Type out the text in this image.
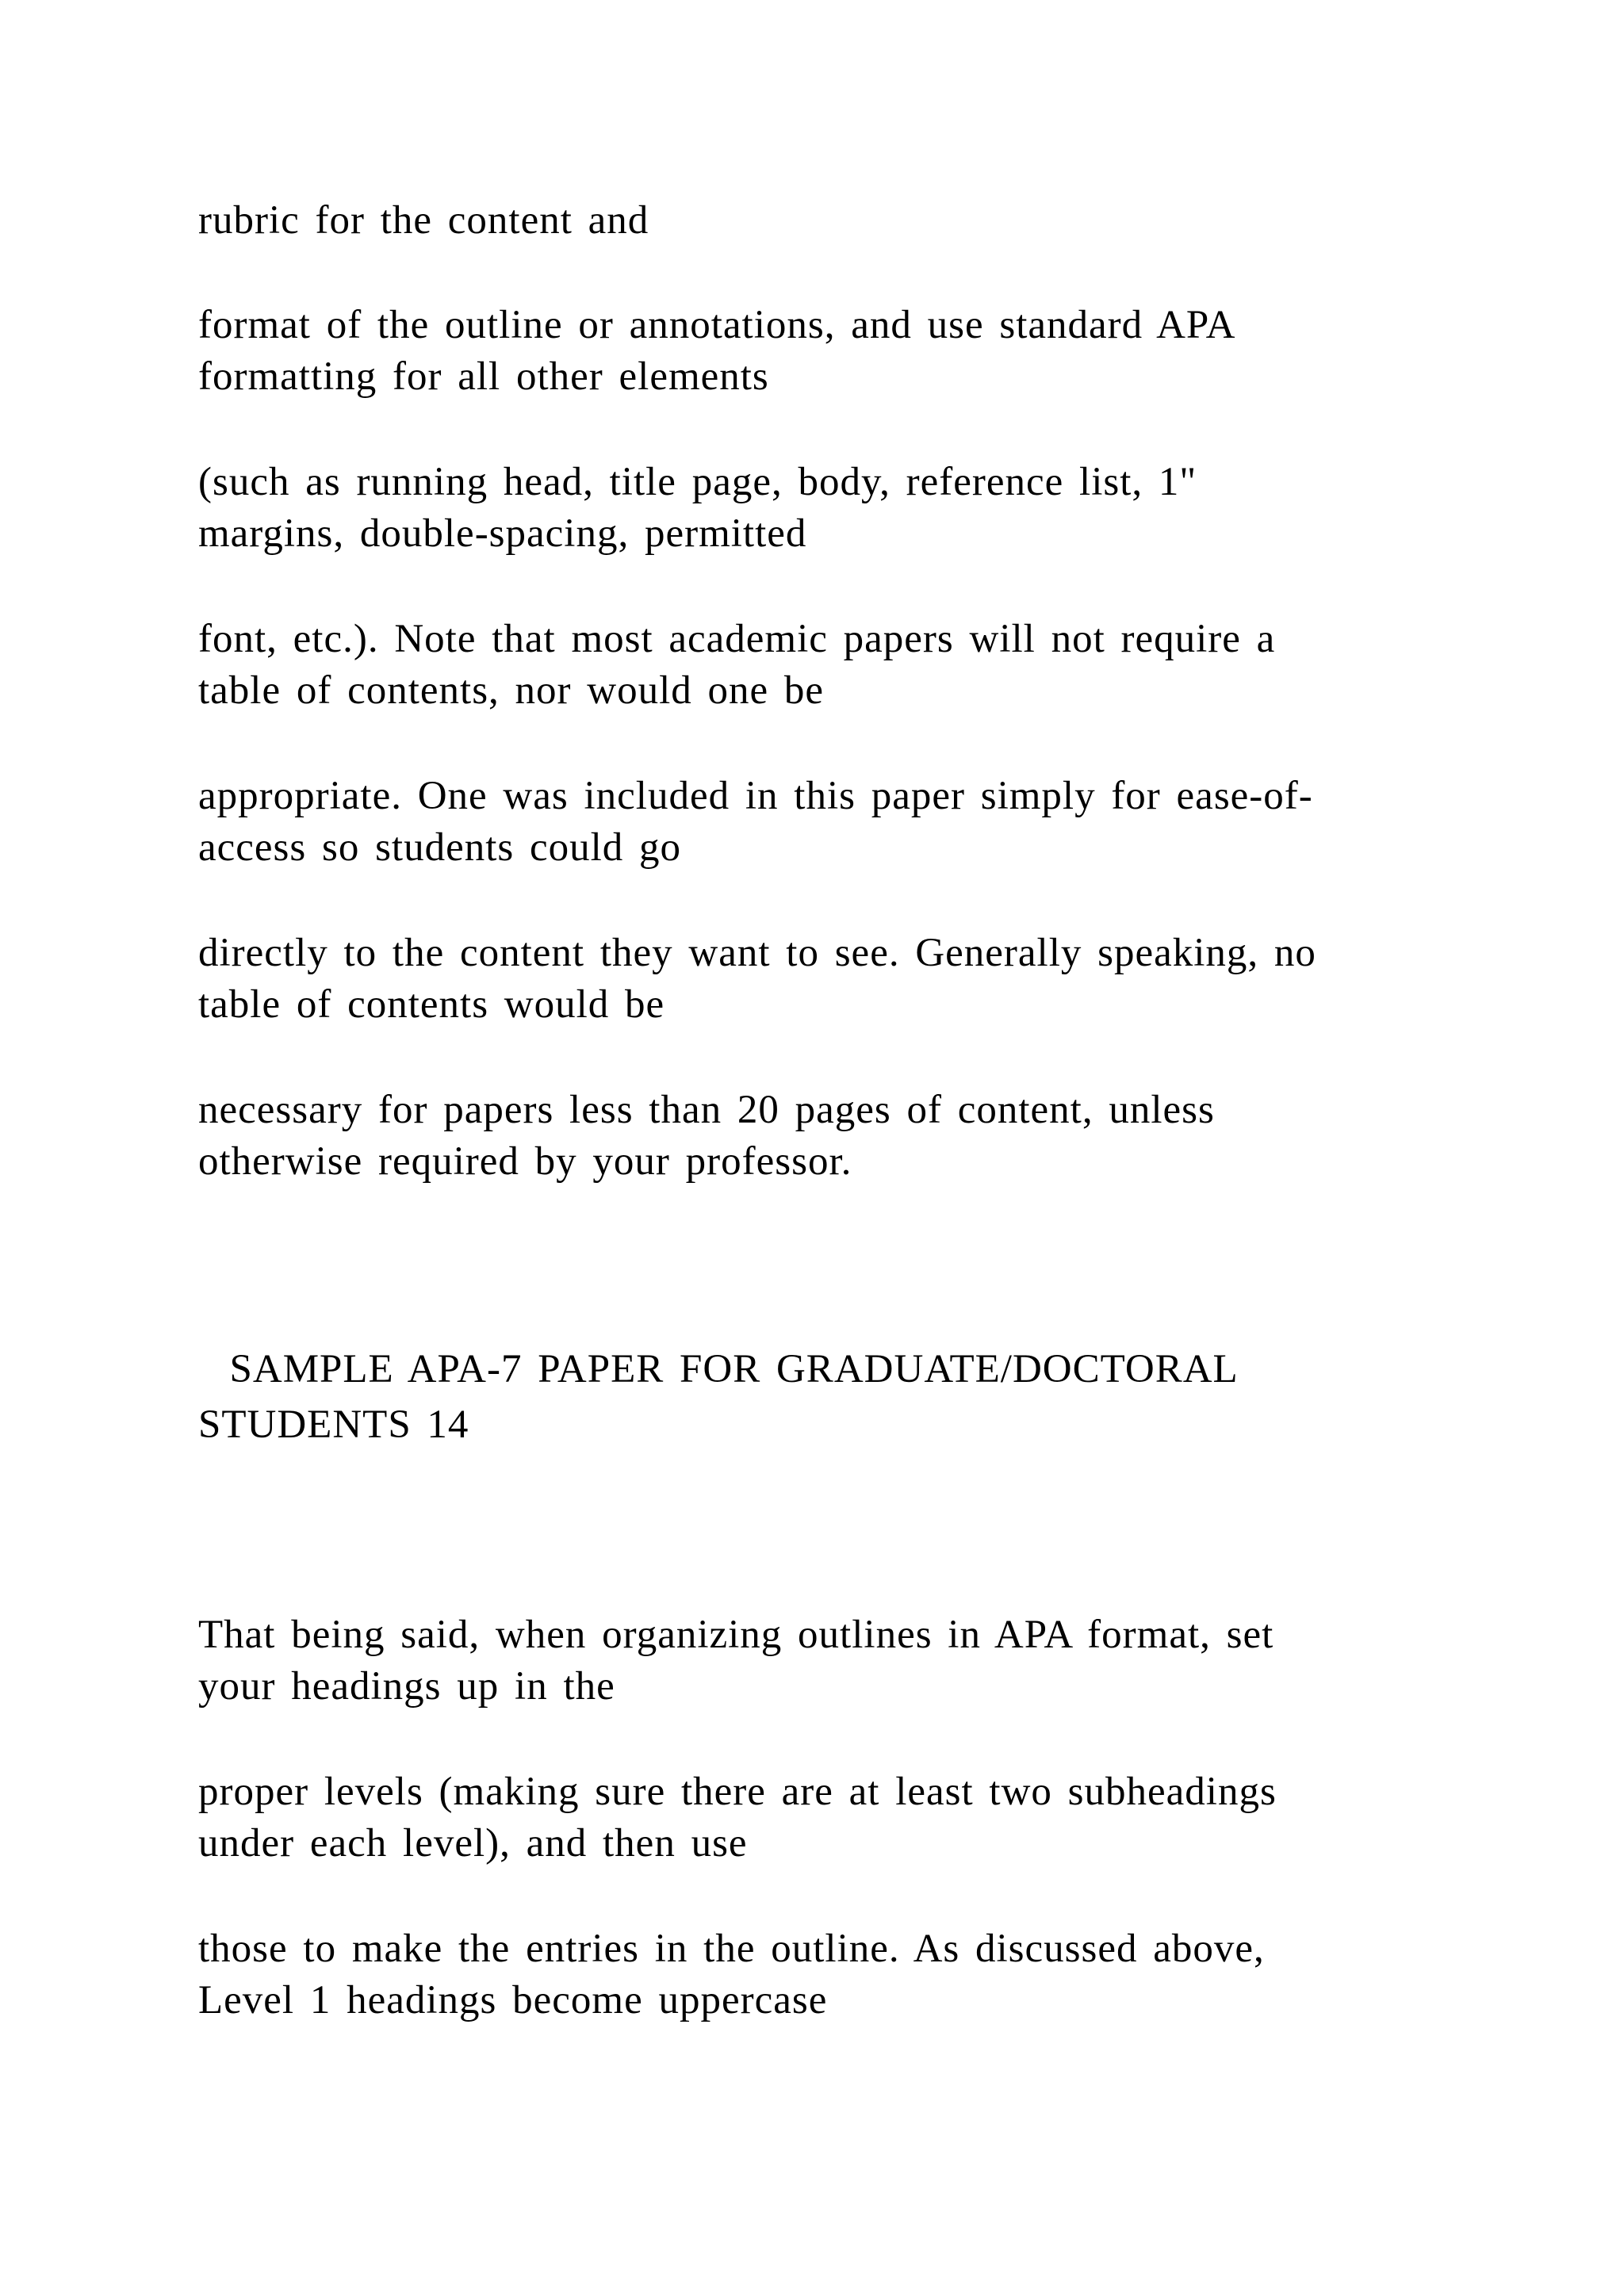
rubric for the content and
format of the outline or annotations, and use standard APA
formatting for all other elements
(such as running head, title page, body, reference list, 1"
margins, double-spacing, permitted
font, etc.). Note that most academic papers will not require a
table of contents, nor would one be
appropriate. One was included in this paper simply for ease-of-
access so students could go
directly to the content they want to see. Generally speaking, no
table of contents would be
necessary for papers less than 20 pages of content, unless
otherwise required by your professor.
SAMPLE APA-7 PAPER FOR GRADUATE/DOCTORAL
STUDENTS 14
That being said, when organizing outlines in APA format, set
your headings up in the
proper levels (making sure there are at least two subheadings
under each level), and then use
those to make the entries in the outline. As discussed above,
Level 1 headings become uppercase
